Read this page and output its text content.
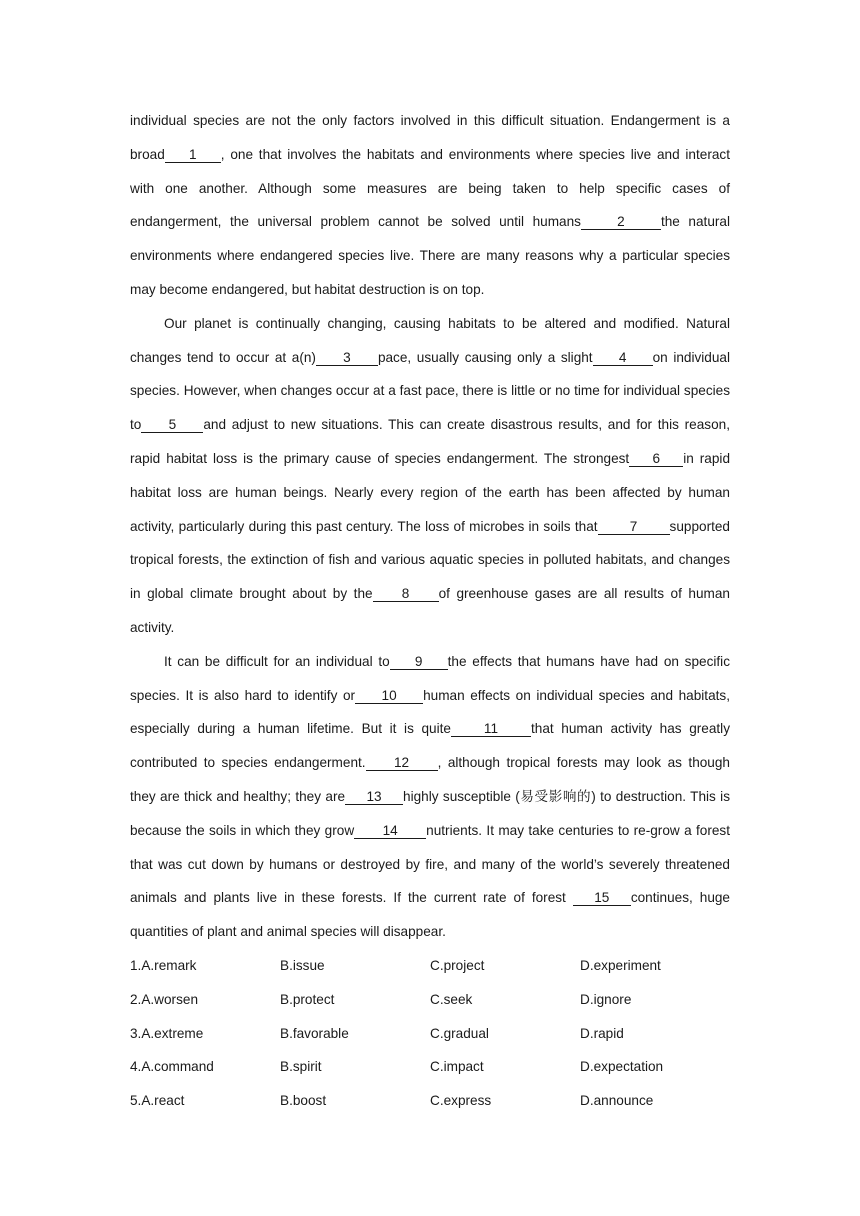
individual species are not the only factors involved in this difficult situation. Endangerment is a broad 1 , one that involves the habitats and environments where species live and interact with one another. Although some measures are being taken to help specific cases of endangerment, the universal problem cannot be solved until humans	2	the natural environments where endangered species live. There are many reasons why a particular species may become endangered, but habitat destruction is on top.

Our planet is continually changing, causing habitats to be altered and modified. Natural changes tend to occur at a(n) 3 pace, usually causing only a slight 4 on individual species. However, when changes occur at a fast pace, there is little or no time for individual species to 5 and adjust to new situations. This can create disastrous results, and for this reason, rapid habitat loss is the primary cause of species endangerment. The strongest 6 in rapid habitat loss are human beings. Nearly every region of the earth has been affected by human activity, particularly during this past century. The loss of microbes in soils that 7 supported tropical forests, the extinction of fish and various aquatic species in polluted habitats, and changes in global climate brought about by the 8 of greenhouse gases are all results of human activity.

It can be difficult for an individual to 9 the effects that humans have had on specific species. It is also hard to identify or 10 human effects on individual species and habitats, especially during a human lifetime. But it is quite 11 that human activity has greatly contributed to species endangerment. 12 , although tropical forests may look as though they are thick and healthy; they are 13 highly susceptible (易受影响的) to destruction. This is because the soils in which they grow 14 nutrients. It may take centuries to re-grow a forest that was cut down by humans or destroyed by fire, and many of the world’s severely threatened animals and plants live in these forests. If the current rate of forest 15 continues, huge quantities of plant and animal species will disappear.

1.A.remark	B.issue	C.project	D.experiment
2.A.worsen	B.protect	C.seek	D.ignore
3.A.extreme	B.favorable	C.gradual	D.rapid
4.A.command	B.spirit	C.impact	D.expectation
5.A.react	B.boost	C.express	D.announce
